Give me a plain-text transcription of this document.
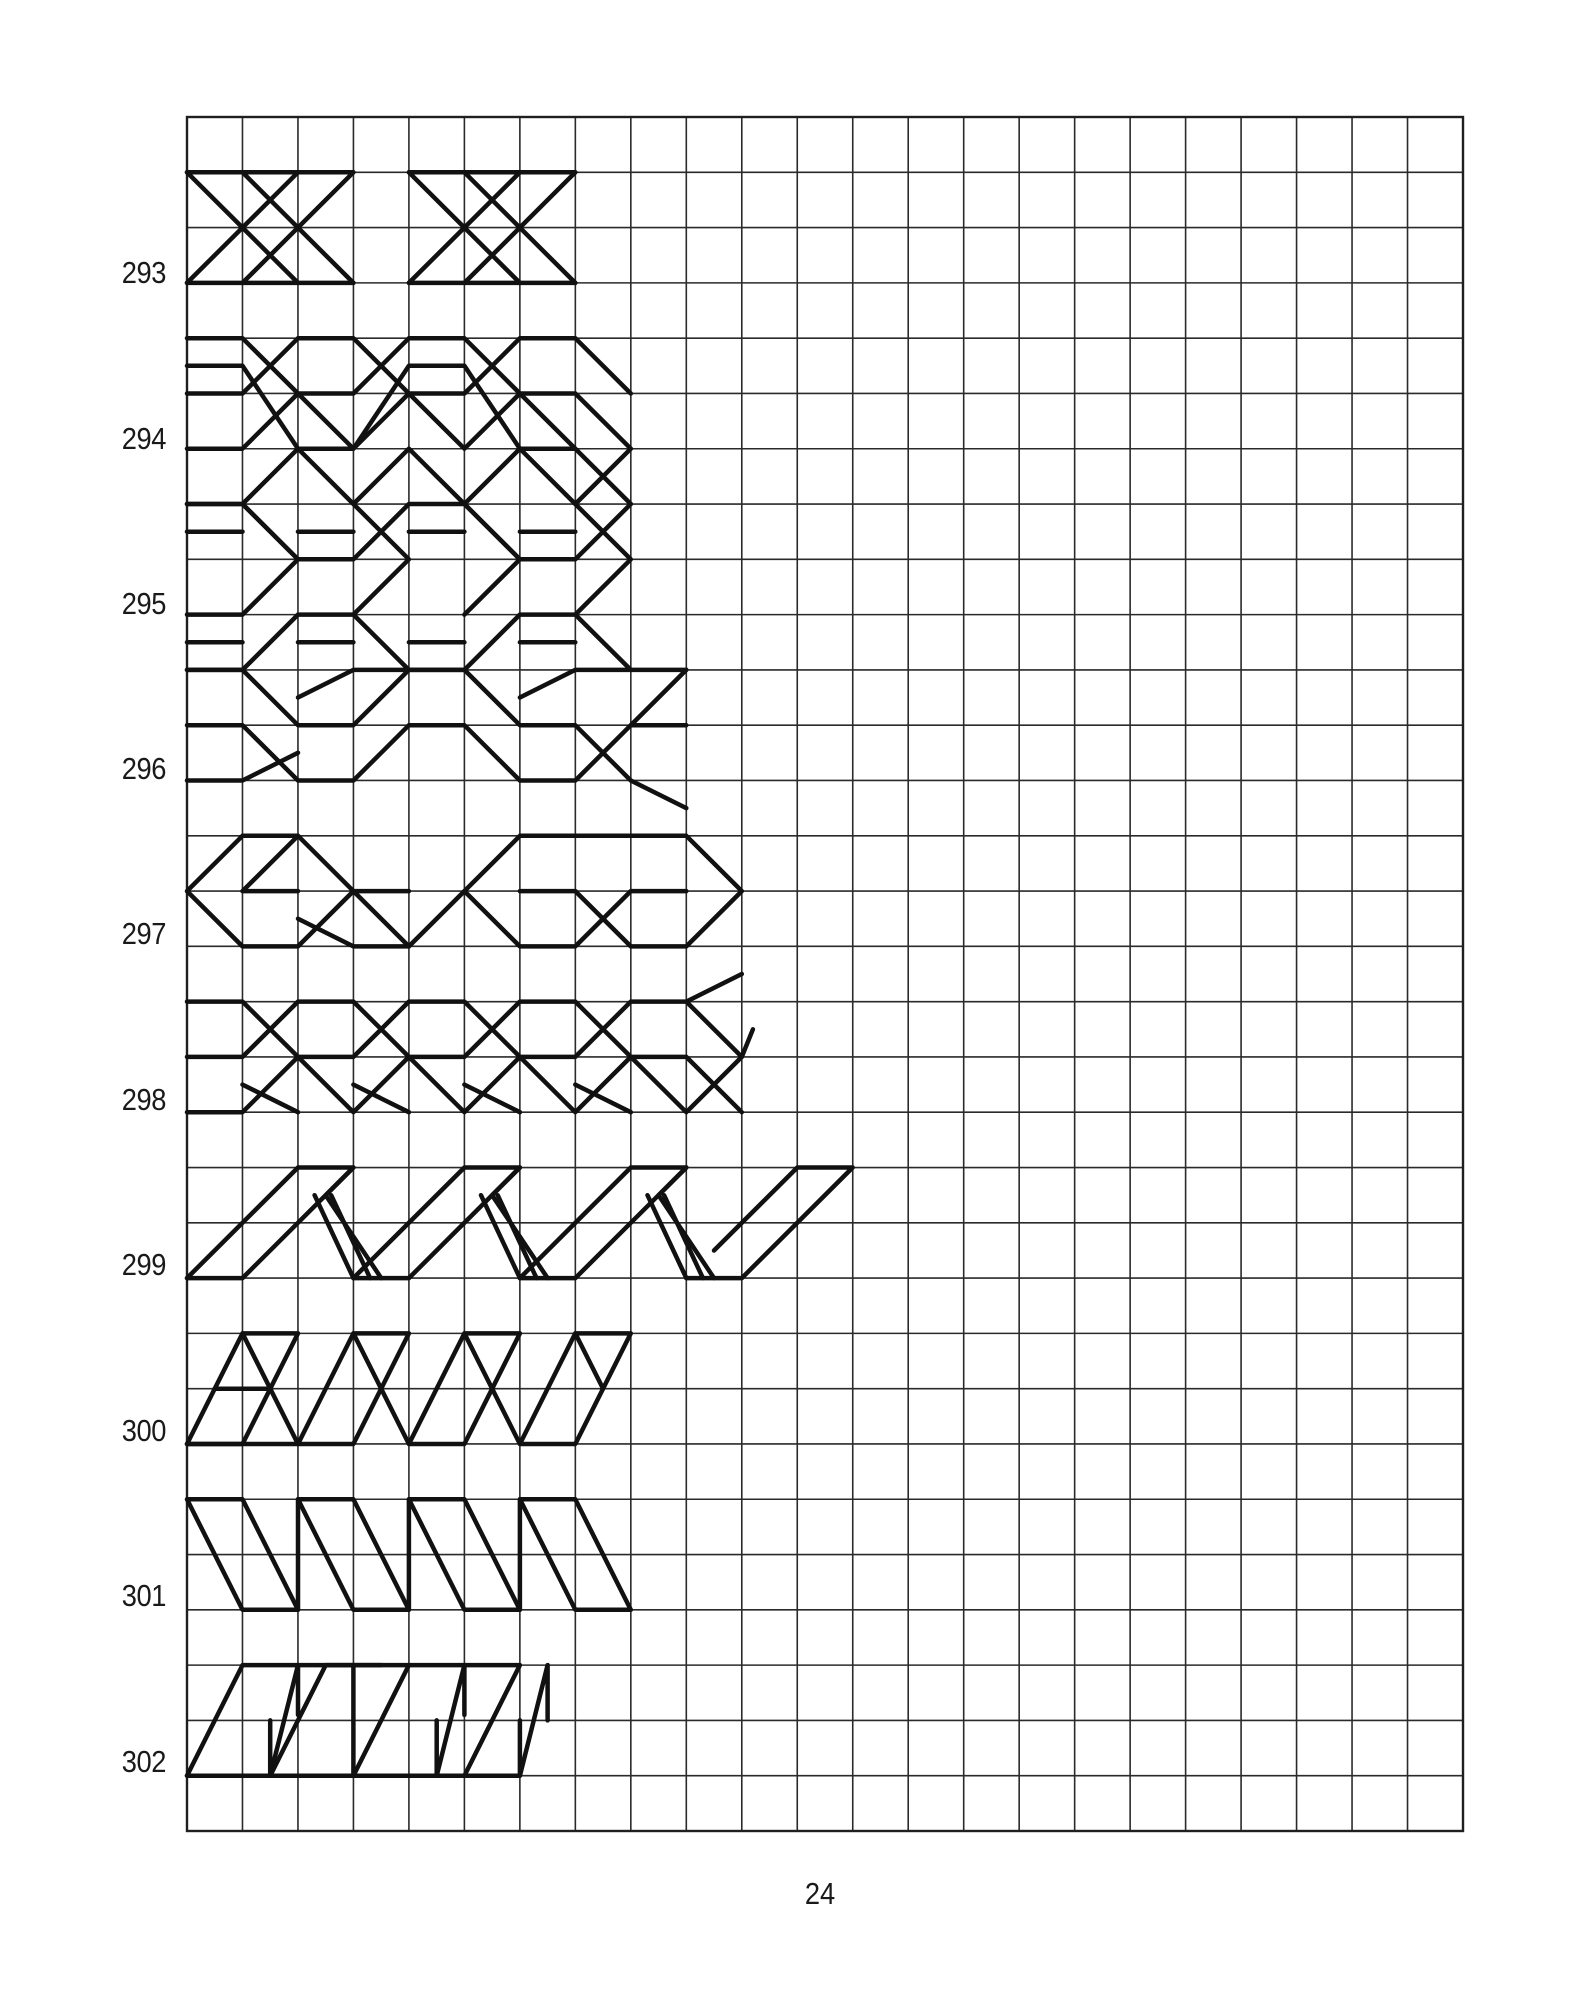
293
294
295
296
297
298
299
300
301
302
24
